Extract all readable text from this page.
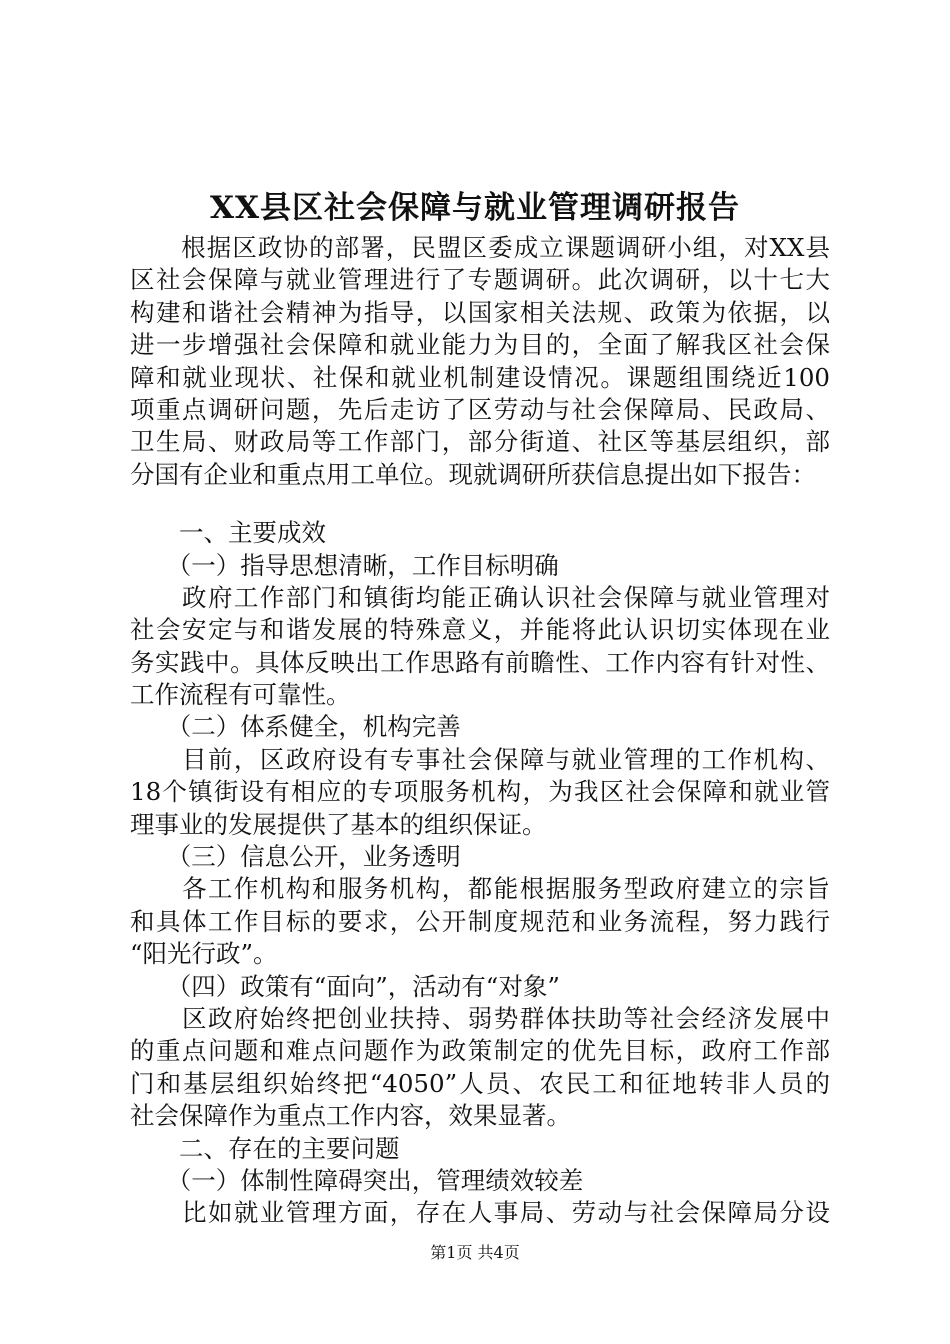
XX县区社会保障与就业管理调研报告
　　根据区政协的部署，民盟区委成立课题调研小组，对XX县
区社会保障与就业管理进行了专题调研。此次调研，以十七大
构建和谐社会精神为指导，以国家相关法规、政策为依据，以
进一步增强社会保障和就业能力为目的，全面了解我区社会保
障和就业现状、社保和就业机制建设情况。课题组围绕近100
项重点调研问题，先后走访了区劳动与社会保障局、民政局、
卫生局、财政局等工作部门，部分街道、社区等基层组织，部
分国有企业和重点用工单位。现就调研所获信息提出如下报告：
　　一、主要成效
　　（一）指导思想清晰，工作目标明确
　　政府工作部门和镇街均能正确认识社会保障与就业管理对
社会安定与和谐发展的特殊意义，并能将此认识切实体现在业
务实践中。具体反映出工作思路有前瞻性、工作内容有针对性、
工作流程有可靠性。
　　（二）体系健全，机构完善
　　目前，区政府设有专事社会保障与就业管理的工作机构、
18个镇街设有相应的专项服务机构，为我区社会保障和就业管
理事业的发展提供了基本的组织保证。
　　（三）信息公开，业务透明
　　各工作机构和服务机构，都能根据服务型政府建立的宗旨
和具体工作目标的要求，公开制度规范和业务流程，努力践行
“阳光行政”。
　　（四）政策有“面向”，活动有“对象”
　　区政府始终把创业扶持、弱势群体扶助等社会经济发展中
的重点问题和难点问题作为政策制定的优先目标，政府工作部
门和基层组织始终把“4050”人员、农民工和征地转非人员的
社会保障作为重点工作内容，效果显著。
　　二、存在的主要问题
　　（一）体制性障碍突出，管理绩效较差
　　比如就业管理方面，存在人事局、劳动与社会保障局分设
第1页 共4页
